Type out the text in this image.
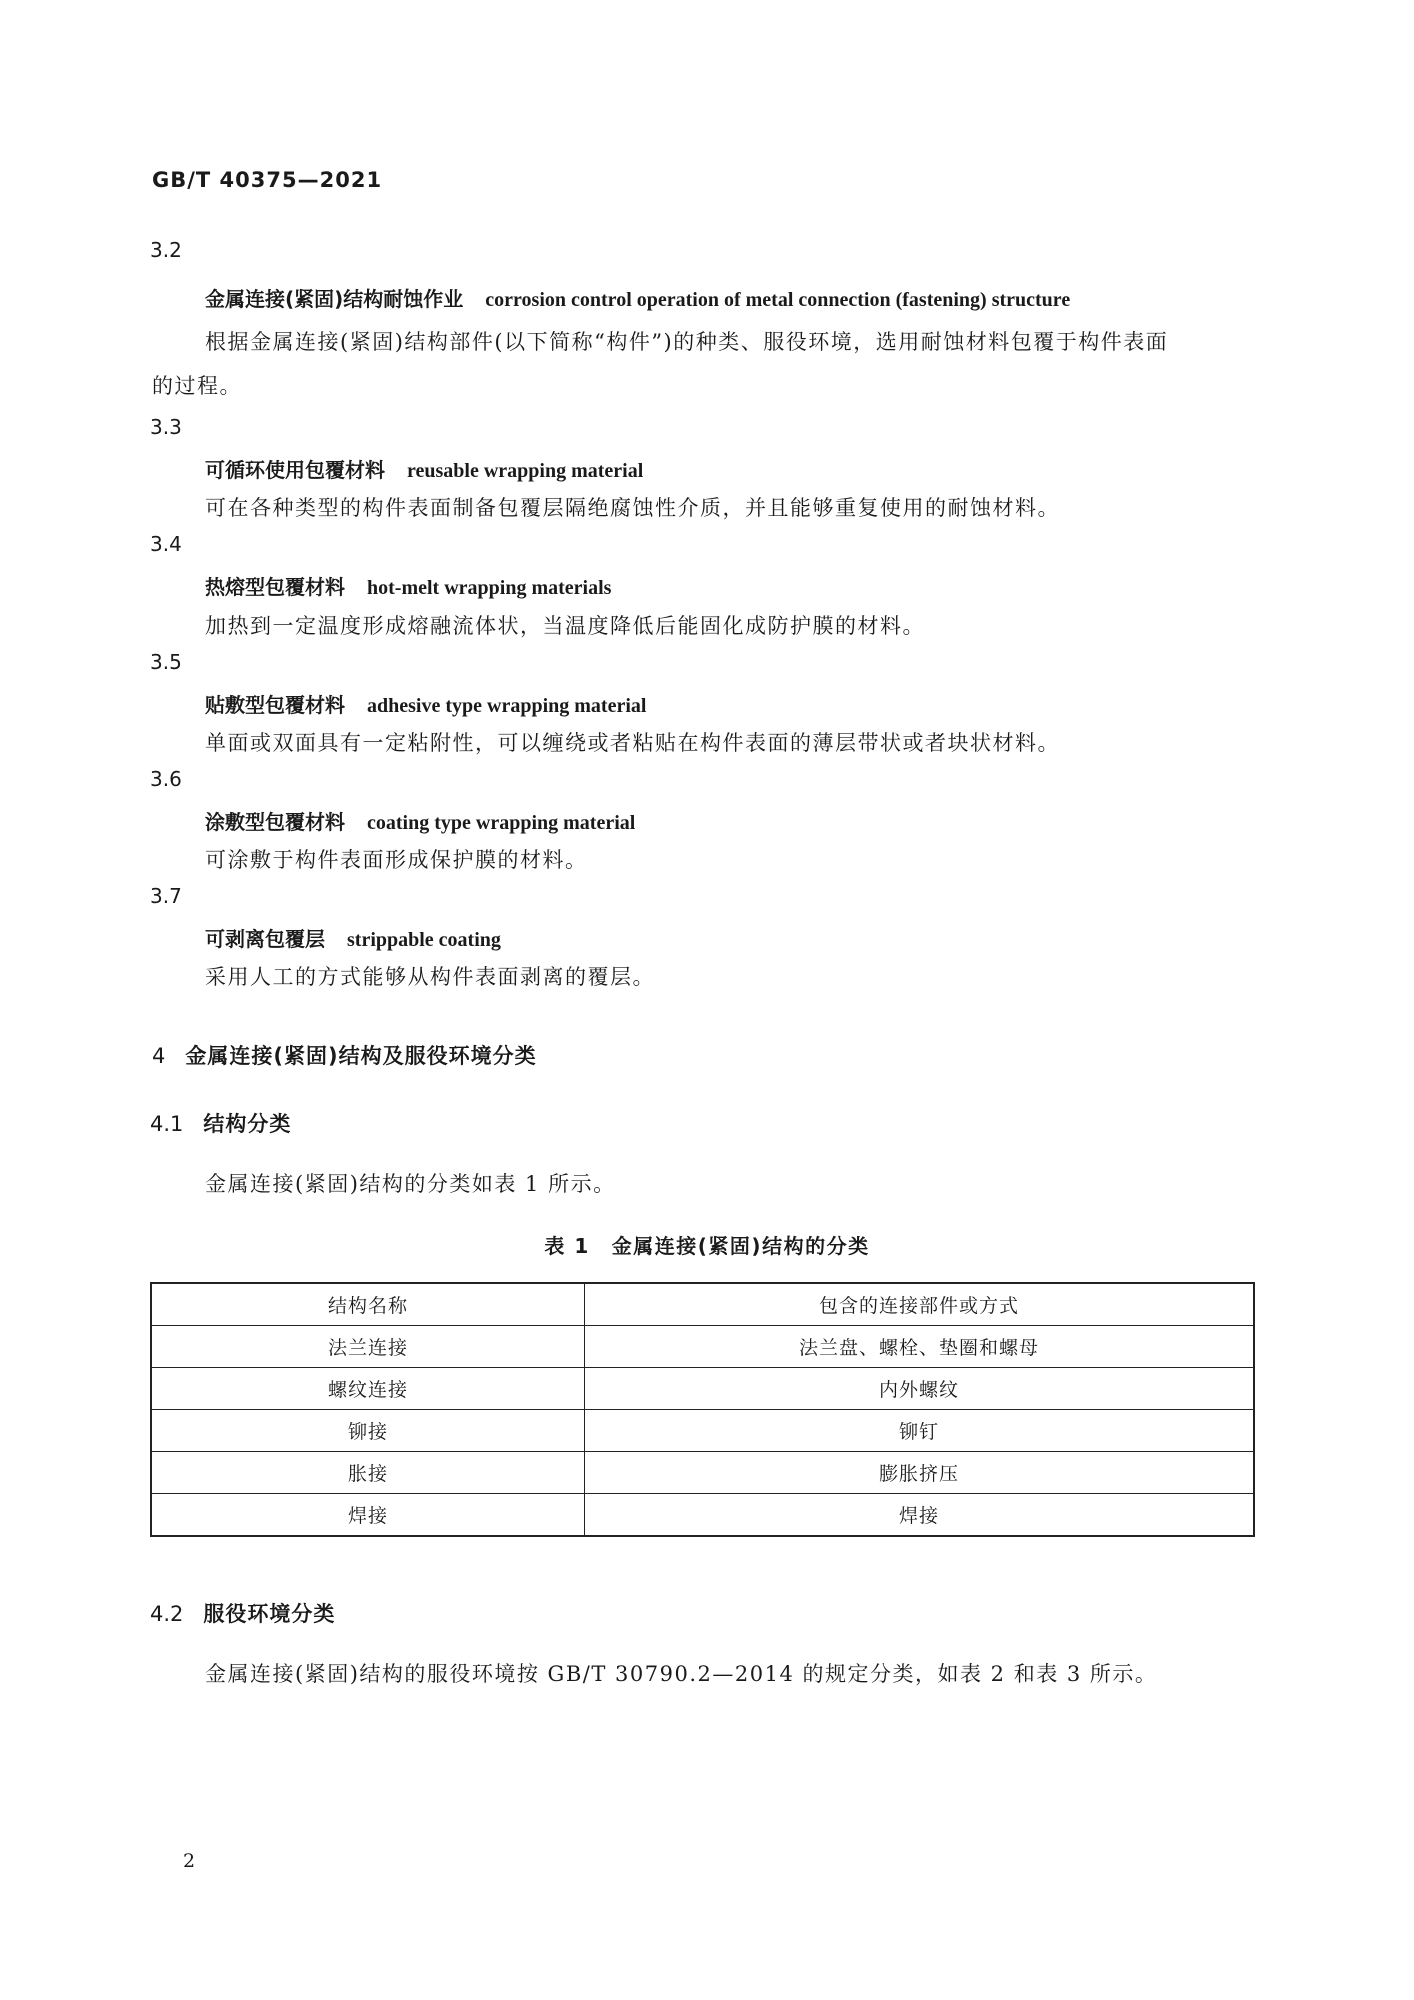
GB/T 40375—2021
3.2
金属连接(紧固)结构耐蚀作业 corrosion control operation of metal connection (fastening) structure
根据金属连接(紧固)结构部件(以下简称“构件”)的种类、服役环境，选用耐蚀材料包覆于构件表面
的过程。
3.3
可循环使用包覆材料 reusable wrapping material
可在各种类型的构件表面制备包覆层隔绝腐蚀性介质，并且能够重复使用的耐蚀材料。
3.4
热熔型包覆材料 hot-melt wrapping materials
加热到一定温度形成熔融流体状，当温度降低后能固化成防护膜的材料。
3.5
贴敷型包覆材料 adhesive type wrapping material
单面或双面具有一定粘附性，可以缠绕或者粘贴在构件表面的薄层带状或者块状材料。
3.6
涂敷型包覆材料 coating type wrapping material
可涂敷于构件表面形成保护膜的材料。
3.7
可剥离包覆层 strippable coating
采用人工的方式能够从构件表面剥离的覆层。
4 金属连接(紧固)结构及服役环境分类
4.1 结构分类
金属连接(紧固)结构的分类如表 1 所示。
表 1 金属连接(紧固)结构的分类
结构名称	包含的连接部件或方式
法兰连接	法兰盘、螺栓、垫圈和螺母
螺纹连接	内外螺纹
铆接	铆钉
胀接	膨胀挤压
焊接	焊接
4.2 服役环境分类
金属连接(紧固)结构的服役环境按 GB/T 30790.2—2014 的规定分类，如表 2 和表 3 所示。
2
